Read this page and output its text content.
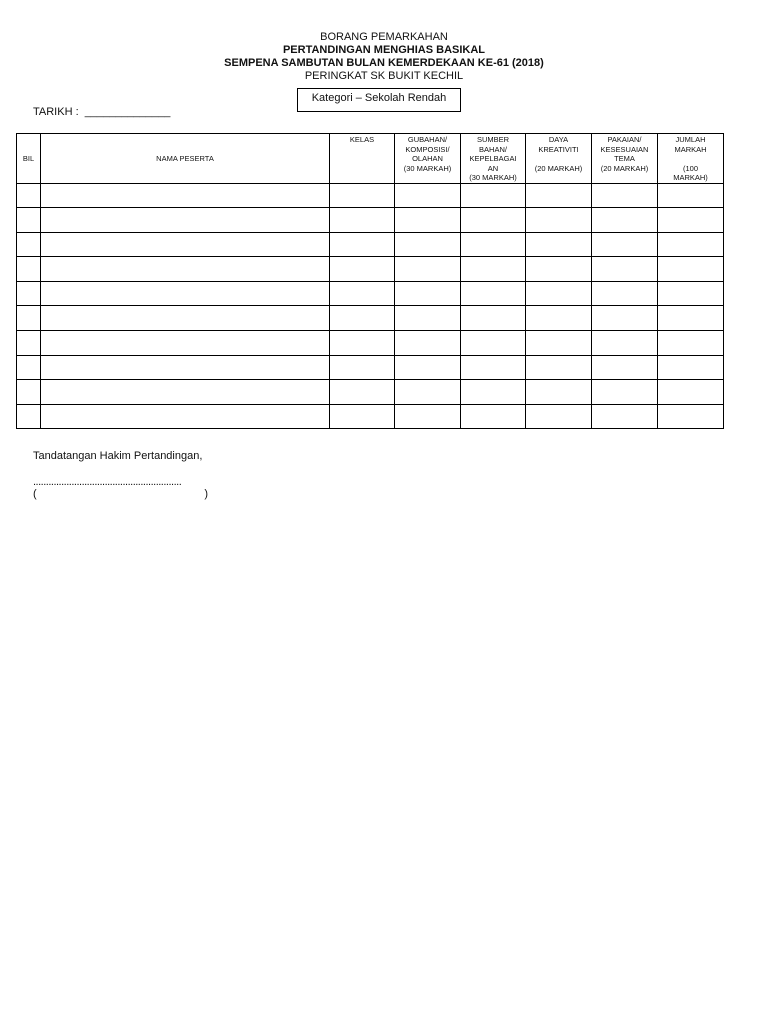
BORANG PEMARKAHAN
PERTANDINGAN MENGHIAS BASIKAL
SEMPENA SAMBUTAN BULAN KEMERDEKAAN KE-61 (2018)
PERINGKAT SK BUKIT KECHIL
Kategori – Sekolah Rendah
TARIKH :  ______________
BIL	NAMA PESERTA	KELAS	GUBAHAN/
KOMPOSISI/
OLAHAN
(30 MARKAH)	SUMBER
BAHAN/
KEPELBAGAI
AN
(30 MARKAH)	DAYA
KREATIVITI

(20 MARKAH)	PAKAIAN/
KESESUAIAN
TEMA
(20 MARKAH)	JUMLAH
MARKAH

(100
MARKAH)

Tandatangan Hakim Pertandingan,
..........................................................
(	)
